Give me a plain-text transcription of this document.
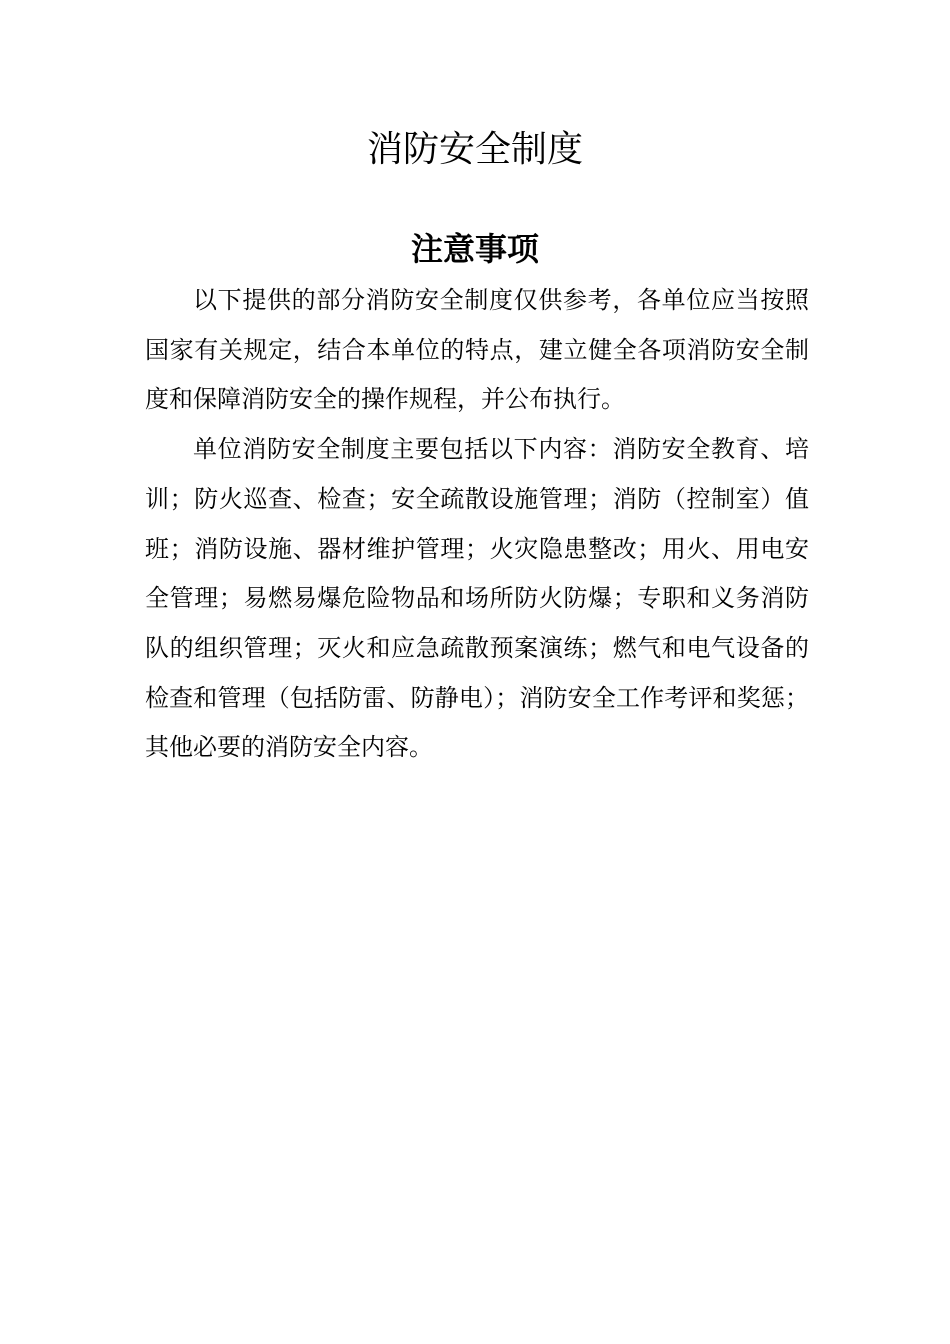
消防安全制度
注意事项

以下提供的部分消防安全制度仅供参考，各单位应当按照国家有关规定，结合本单位的特点，建立健全各项消防安全制度和保障消防安全的操作规程，并公布执行。

单位消防安全制度主要包括以下内容：消防安全教育、培训；防火巡查、检查；安全疏散设施管理；消防（控制室）值班；消防设施、器材维护管理；火灾隐患整改；用火、用电安全管理；易燃易爆危险物品和场所防火防爆；专职和义务消防队的组织管理；灭火和应急疏散预案演练；燃气和电气设备的检查和管理（包括防雷、防静电）；消防安全工作考评和奖惩；其他必要的消防安全内容。
